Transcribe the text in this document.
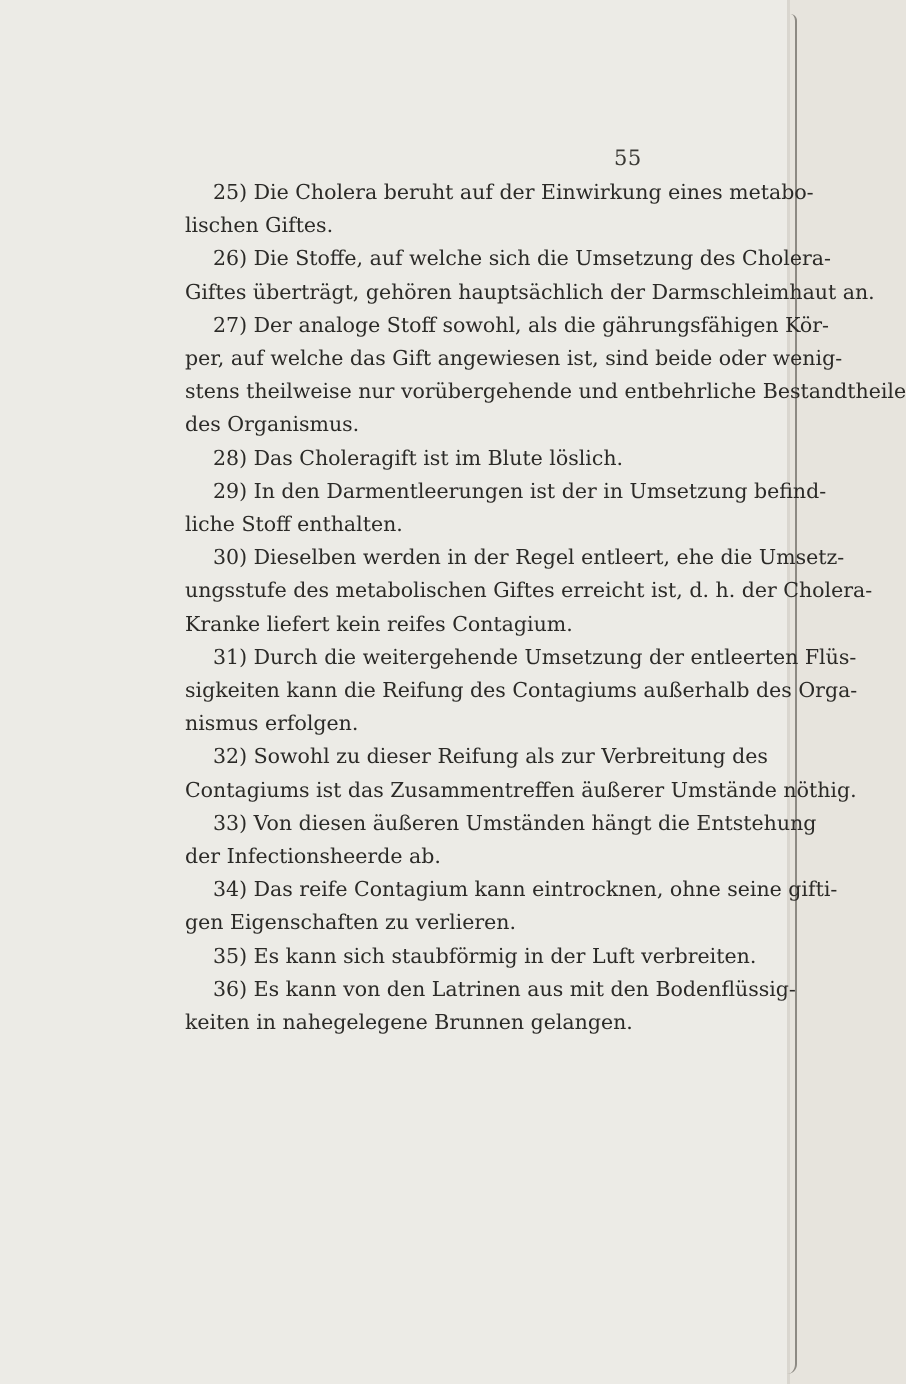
55

25) Die Cholera beruht auf der Einwirkung eines metabo-
lischen Giftes.

26) Die Stoffe, auf welche sich die Umsetzung des Cholera-
Giftes überträgt, gehören hauptsächlich der Darmschleimhaut an.

27) Der analoge Stoff sowohl, als die gährungsfähigen Kör-
per, auf welche das Gift angewiesen ist, sind beide oder wenig-
stens theilweise nur vorübergehende und entbehrliche Bestandtheile
des Organismus.

28) Das Choleragift ist im Blute löslich.

29) In den Darmentleerungen ist der in Umsetzung befind-
liche Stoff enthalten.

30) Dieselben werden in der Regel entleert, ehe die Umsetz-
ungsstufe des metabolischen Giftes erreicht ist, d. h. der Cholera-
Kranke liefert kein reifes Contagium.

31) Durch die weitergehende Umsetzung der entleerten Flüs-
sigkeiten kann die Reifung des Contagiums außerhalb des Orga-
nismus erfolgen.

32) Sowohl zu dieser Reifung als zur Verbreitung des
Contagiums ist das Zusammentreffen äußerer Umstände nöthig.

33) Von diesen äußeren Umständen hängt die Entstehung
der Infectionsheerde ab.

34) Das reife Contagium kann eintrocknen, ohne seine gifti-
gen Eigenschaften zu verlieren.

35) Es kann sich staubförmig in der Luft verbreiten.

36) Es kann von den Latrinen aus mit den Bodenflüssig-
keiten in nahegelegene Brunnen gelangen.
